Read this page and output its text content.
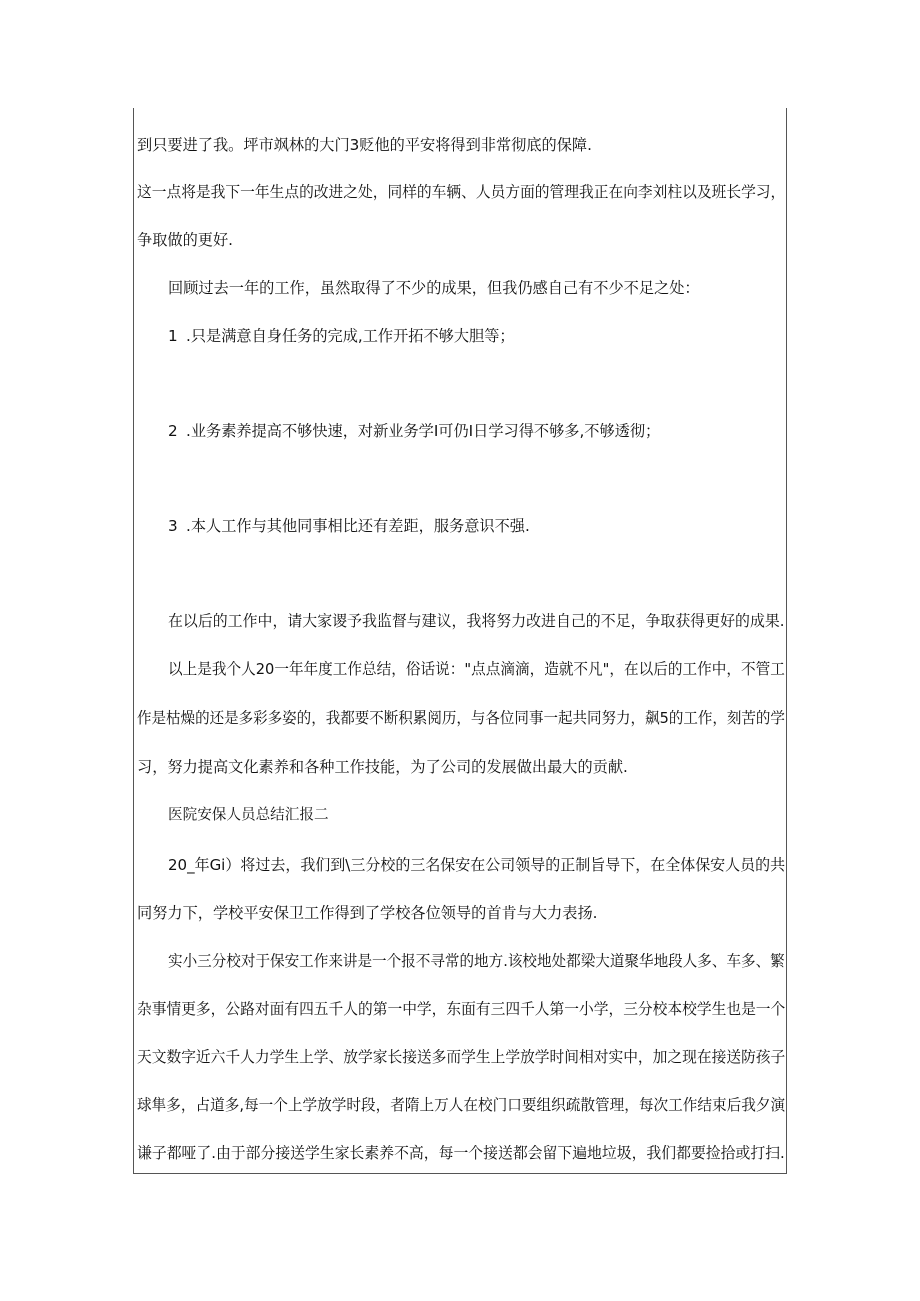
到只要进了我。坪市飒林的大门3贬他的平安将得到非常彻底的保障.
这一点将是我下一年生点的改进之处，同样的车辆、人员方面的管理我正在向李刘柱以及班长学习，
争取做的更好.
回顾过去一年的工作，虽然取得了不少的成果，但我仍感自己有不少不足之处：
1 .只是满意自身任务的完成,工作开拓不够大胆等；
2 .业务素养提高不够快速，对新业务学I可仍I日学习得不够多,不够透彻；
3 .本人工作与其他同事相比还有差距，服务意识不强.
在以后的工作中，请大家谡予我监督与建议，我将努力改进自己的不足，争取获得更好的成果.
以上是我个人20一年年度工作总结，俗话说："点点滴滴，造就不凡"，在以后的工作中，不管工
作是枯燥的还是多彩多姿的，我都要不断积累阅历，与各位同事一起共同努力，飙5的工作，刻苦的学
习，努力提高文化素养和各种工作技能，为了公司的发展做出最大的贡献.
医院安保人员总结汇报二
20_年Gi）将过去，我们到\三分校的三名保安在公司领导的正制旨导下，在全体保安人员的共
同努力下，学校平安保卫工作得到了学校各位领导的首肯与大力表扬.
实小三分校对于保安工作来讲是一个报不寻常的地方.该校地处都梁大道聚华地段人多、车多、繁
杂事情更多，公路对面有四五千人的第一中学，东面有三四千人第一小学，三分校本校学生也是一个
天文数字近六千人力学生上学、放学家长接送多而学生上学放学时间相对实中，加之现在接送防孩子
球隼多，占道多,每一个上学放学时段，者隋上万人在校门口要组织疏散管理，每次工作结束后我夕演
谦子都哑了.由于部分接送学生家长素养不高，每一个接送都会留下遍地垃圾，我们都要捡拾或打扫.
